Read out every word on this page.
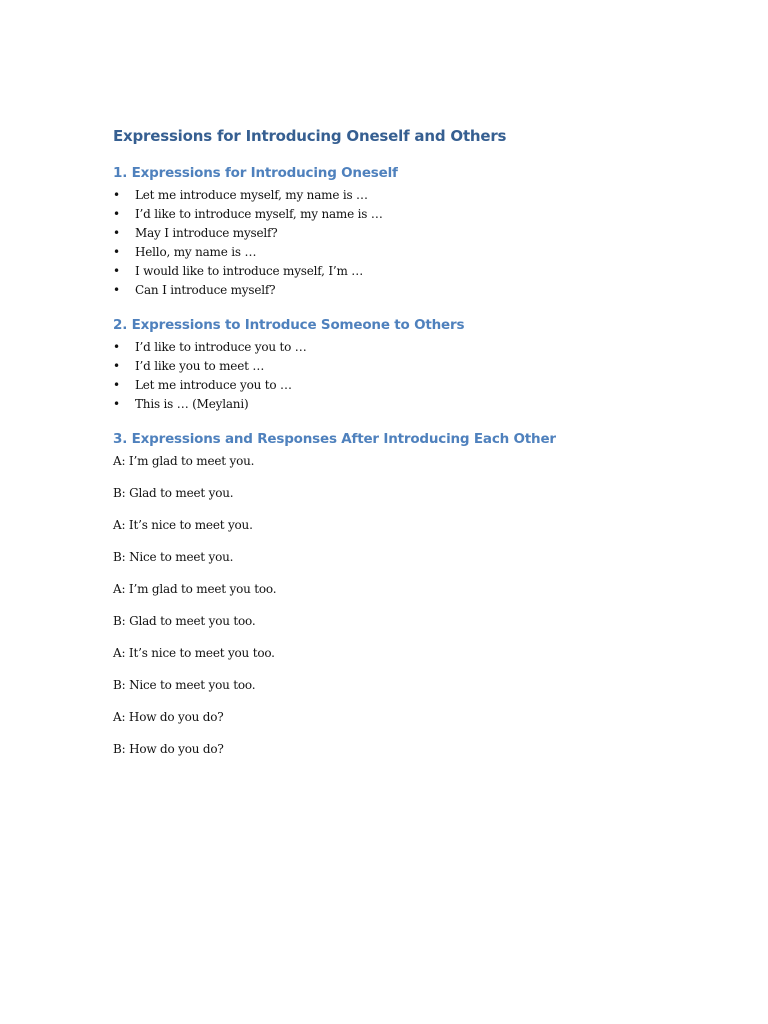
Expressions for Introducing Oneself and Others
1. Expressions for Introducing Oneself
• Let me introduce myself, my name is …
• I’d like to introduce myself, my name is …
• May I introduce myself?
• Hello, my name is …
• I would like to introduce myself, I’m …
• Can I introduce myself?
2. Expressions to Introduce Someone to Others
• I’d like to introduce you to …
• I’d like you to meet …
• Let me introduce you to …
• This is … (Meylani)
3. Expressions and Responses After Introducing Each Other

A: I’m glad to meet you.

B: Glad to meet you.

A: It’s nice to meet you.

B: Nice to meet you.

A: I’m glad to meet you too.

B: Glad to meet you too.

A: It’s nice to meet you too.

B: Nice to meet you too.

A: How do you do?

B: How do you do?
